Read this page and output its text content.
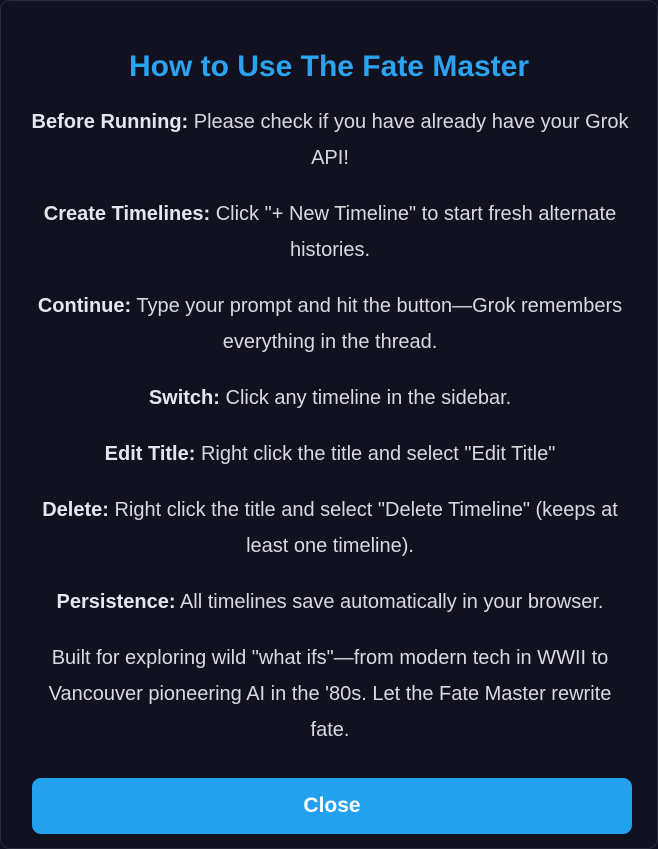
How to Use The Fate Master

Before Running: Please check if you have already have your Grok API!

Create Timelines: Click "+ New Timeline" to start fresh alternate histories.

Continue: Type your prompt and hit the button—Grok remembers everything in the thread.

Switch: Click any timeline in the sidebar.

Edit Title: Right click the title and select "Edit Title"

Delete: Right click the title and select "Delete Timeline" (keeps at least one timeline).

Persistence: All timelines save automatically in your browser.

Built for exploring wild "what ifs"—from modern tech in WWII to Vancouver pioneering AI in the '80s. Let the Fate Master rewrite fate.

Close
